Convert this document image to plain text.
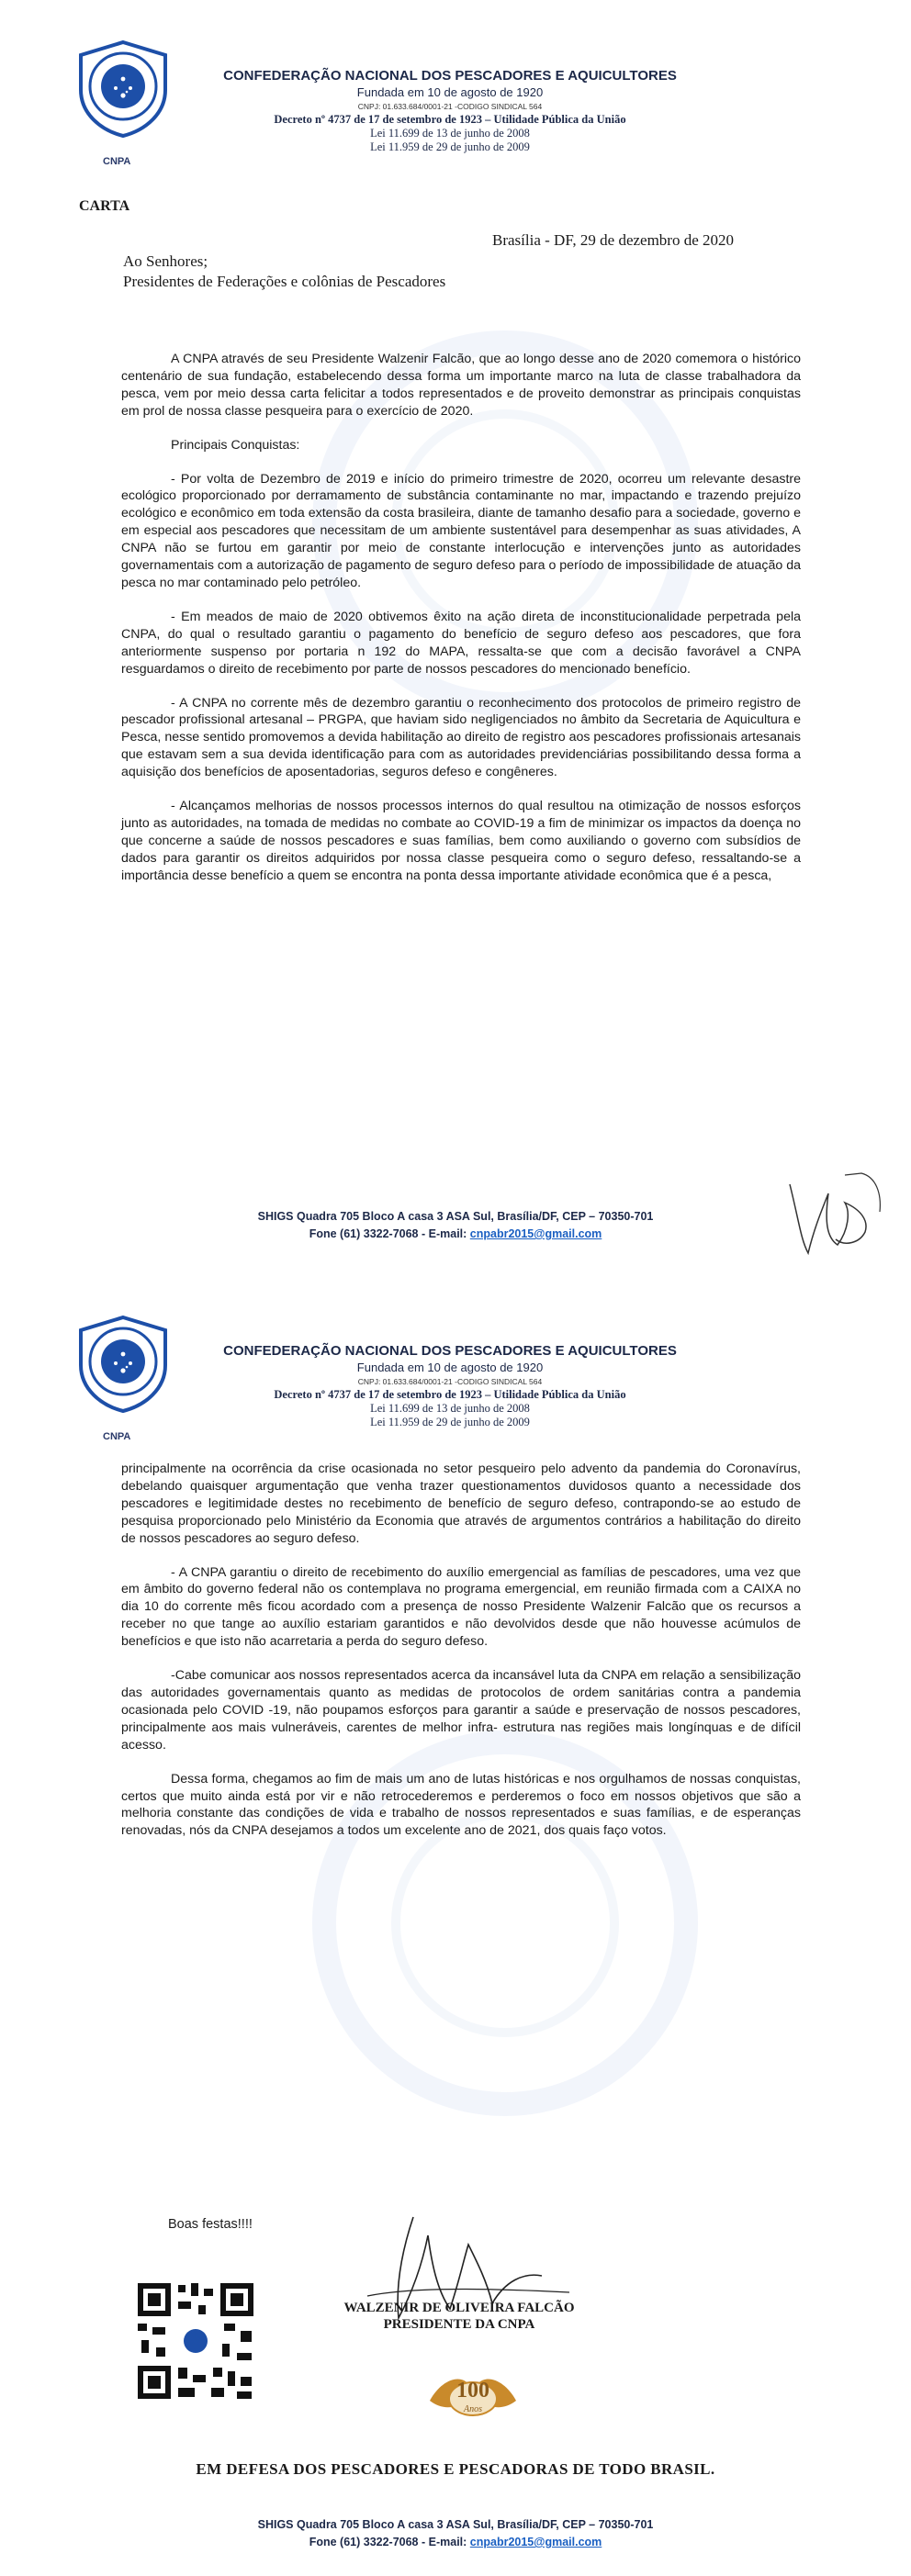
CNPA
CONFEDERAÇÃO NACIONAL DOS PESCADORES E AQUICULTORES
Fundada em 10 de agosto de 1920
CNPJ: 01.633.684/0001-21 -CODIGO SINDICAL 564
Decreto nº 4737 de 17 de setembro de 1923 – Utilidade Pública da União
Lei 11.699 de 13 de junho de 2008
Lei 11.959 de 29 de junho de 2009
CARTA
Brasília - DF, 29 de dezembro de 2020
Ao Senhores;
Presidentes de Federações e colônias de Pescadores

A CNPA através de seu Presidente Walzenir Falcão, que ao longo desse ano de 2020 comemora o histórico centenário de sua fundação, estabelecendo dessa forma um importante marco na luta de classe trabalhadora da pesca, vem por meio dessa carta felicitar a todos representados e de proveito demonstrar as principais conquistas em prol de nossa classe pesqueira para o exercício de 2020.

Principais Conquistas:

- Por volta de Dezembro de 2019 e início do primeiro trimestre de 2020, ocorreu um relevante desastre ecológico proporcionado por derramamento de substância contaminante no mar, impactando e trazendo prejuízo ecológico e econômico em toda extensão da costa brasileira, diante de tamanho desafio para a sociedade, governo e em especial aos pescadores que necessitam de um ambiente sustentável para desempenhar as suas atividades, A CNPA não se furtou em garantir por meio de constante interlocução e intervenções junto as autoridades governamentais com a autorização de pagamento de seguro defeso para o período de impossibilidade de atuação da pesca no mar contaminado pelo petróleo.

- Em meados de maio de 2020 obtivemos êxito na ação direta de inconstitucionalidade perpetrada pela CNPA, do qual o resultado garantiu o pagamento do benefício de seguro defeso aos pescadores, que fora anteriormente suspenso por portaria n 192 do MAPA, ressalta-se que com a decisão favorável a CNPA resguardamos o direito de recebimento por parte de nossos pescadores do mencionado benefício.

- A CNPA no corrente mês de dezembro garantiu o reconhecimento dos protocolos de primeiro registro de pescador profissional artesanal – PRGPA, que haviam sido negligenciados no âmbito da Secretaria de Aquicultura e Pesca, nesse sentido promovemos a devida habilitação ao direito de registro aos pescadores profissionais artesanais que estavam sem a sua devida identificação para com as autoridades previdenciárias possibilitando dessa forma a aquisição dos benefícios de aposentadorias, seguros defeso e congêneres.

- Alcançamos melhorias de nossos processos internos do qual resultou na otimização de nossos esforços junto as autoridades, na tomada de medidas no combate ao COVID-19 a fim de minimizar os impactos da doença no que concerne a saúde de nossos pescadores e suas famílias, bem como auxiliando o governo com subsídios de dados para garantir os direitos adquiridos por nossa classe pesqueira como o seguro defeso, ressaltando-se a importância desse benefício a quem se encontra na ponta dessa importante atividade econômica que é a pesca,

SHIGS Quadra 705 Bloco A casa 3 ASA Sul, Brasília/DF, CEP – 70350-701
Fone (61) 3322-7068 - E-mail: cnpabr2015@gmail.com
CNPA
CONFEDERAÇÃO NACIONAL DOS PESCADORES E AQUICULTORES
Fundada em 10 de agosto de 1920
CNPJ: 01.633.684/0001-21 -CODIGO SINDICAL 564
Decreto nº 4737 de 17 de setembro de 1923 – Utilidade Pública da União
Lei 11.699 de 13 de junho de 2008
Lei 11.959 de 29 de junho de 2009

principalmente na ocorrência da crise ocasionada no setor pesqueiro pelo advento da pandemia do Coronavírus, debelando quaisquer argumentação que venha trazer questionamentos duvidosos quanto a necessidade dos pescadores e legitimidade destes no recebimento de benefício de seguro defeso, contrapondo-se ao estudo de pesquisa proporcionado pelo Ministério da Economia que através de argumentos contrários a habilitação do direito de nossos pescadores ao seguro defeso.

- A CNPA garantiu o direito de recebimento do auxílio emergencial as famílias de pescadores, uma vez que em âmbito do governo federal não os contemplava no programa emergencial, em reunião firmada com a CAIXA no dia 10 do corrente mês ficou acordado com a presença de nosso Presidente Walzenir Falcão que os recursos a receber no que tange ao auxílio estariam garantidos e não devolvidos desde que não houvesse acúmulos de benefícios e que isto não acarretaria a perda do seguro defeso.

-Cabe comunicar aos nossos representados acerca da incansável luta da CNPA em relação a sensibilização das autoridades governamentais quanto as medidas de protocolos de ordem sanitárias contra a pandemia ocasionada pelo COVID -19, não poupamos esforços para garantir a saúde e preservação de nossos pescadores, principalmente aos mais vulneráveis, carentes de melhor infra- estrutura nas regiões mais longínquas e de difícil acesso.

Dessa forma, chegamos ao fim de mais um ano de lutas históricas e nos orgulhamos de nossas conquistas, certos que muito ainda está por vir e não retrocederemos e perderemos o foco em nossos objetivos que são a melhoria constante das condições de vida e trabalho de nossos representados e suas famílias, e de esperanças renovadas, nós da CNPA desejamos a todos um excelente ano de 2021, dos quais faço votos.

Boas festas!!!!
WALZENIR DE OLIVEIRA FALCÃO
PRESIDENTE DA CNPA
100
Anos
EM DEFESA DOS PESCADORES E PESCADORAS DE TODO BRASIL.
SHIGS Quadra 705 Bloco A casa 3 ASA Sul, Brasília/DF, CEP – 70350-701
Fone (61) 3322-7068 - E-mail: cnpabr2015@gmail.com
